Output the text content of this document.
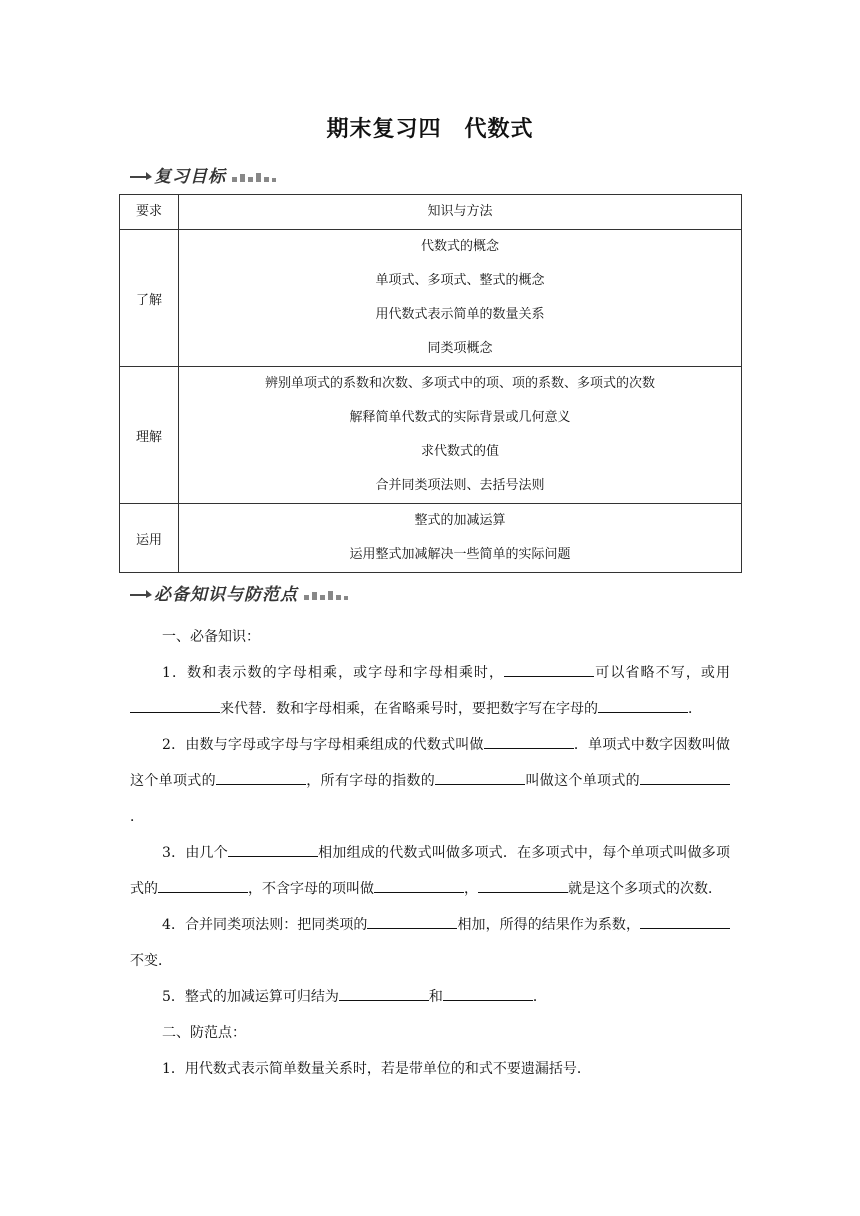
期末复习四　代数式
复习目标
要求	知识与方法

了解	代数式的概念
单项式、多项式、整式的概念
用代数式表示简单的数量关系
同类项概念

理解	辨别单项式的系数和次数、多项式中的项、项的系数、多项式的次数
解释简单代数式的实际背景或几何意义
求代数式的值
合并同类项法则、去括号法则

运用	整式的加减运算
运用整式加减解决一些简单的实际问题
必备知识与防范点

一、必备知识：

1．数和表示数的字母相乘，或字母和字母相乘时，	可以省略不写，或用来代替．数和字母相乘，在省略乘号时，要把数字写在字母的	．

2．由数与字母或字母与字母相乘组成的代数式叫做	．单项式中数字因数叫做这个单项式的	，所有字母的指数的	叫做这个单项式的．

3．由几个	相加组成的代数式叫做多项式．在多项式中，每个单项式叫做多项式的	，不含字母的项叫做	，	就是这个多项式的次数．

4．合并同类项法则：把同类项的	相加，所得的结果作为系数，不变．

5．整式的加减运算可归结为	和	．

二、防范点：

1．用代数式表示简单数量关系时，若是带单位的和式不要遗漏括号．
